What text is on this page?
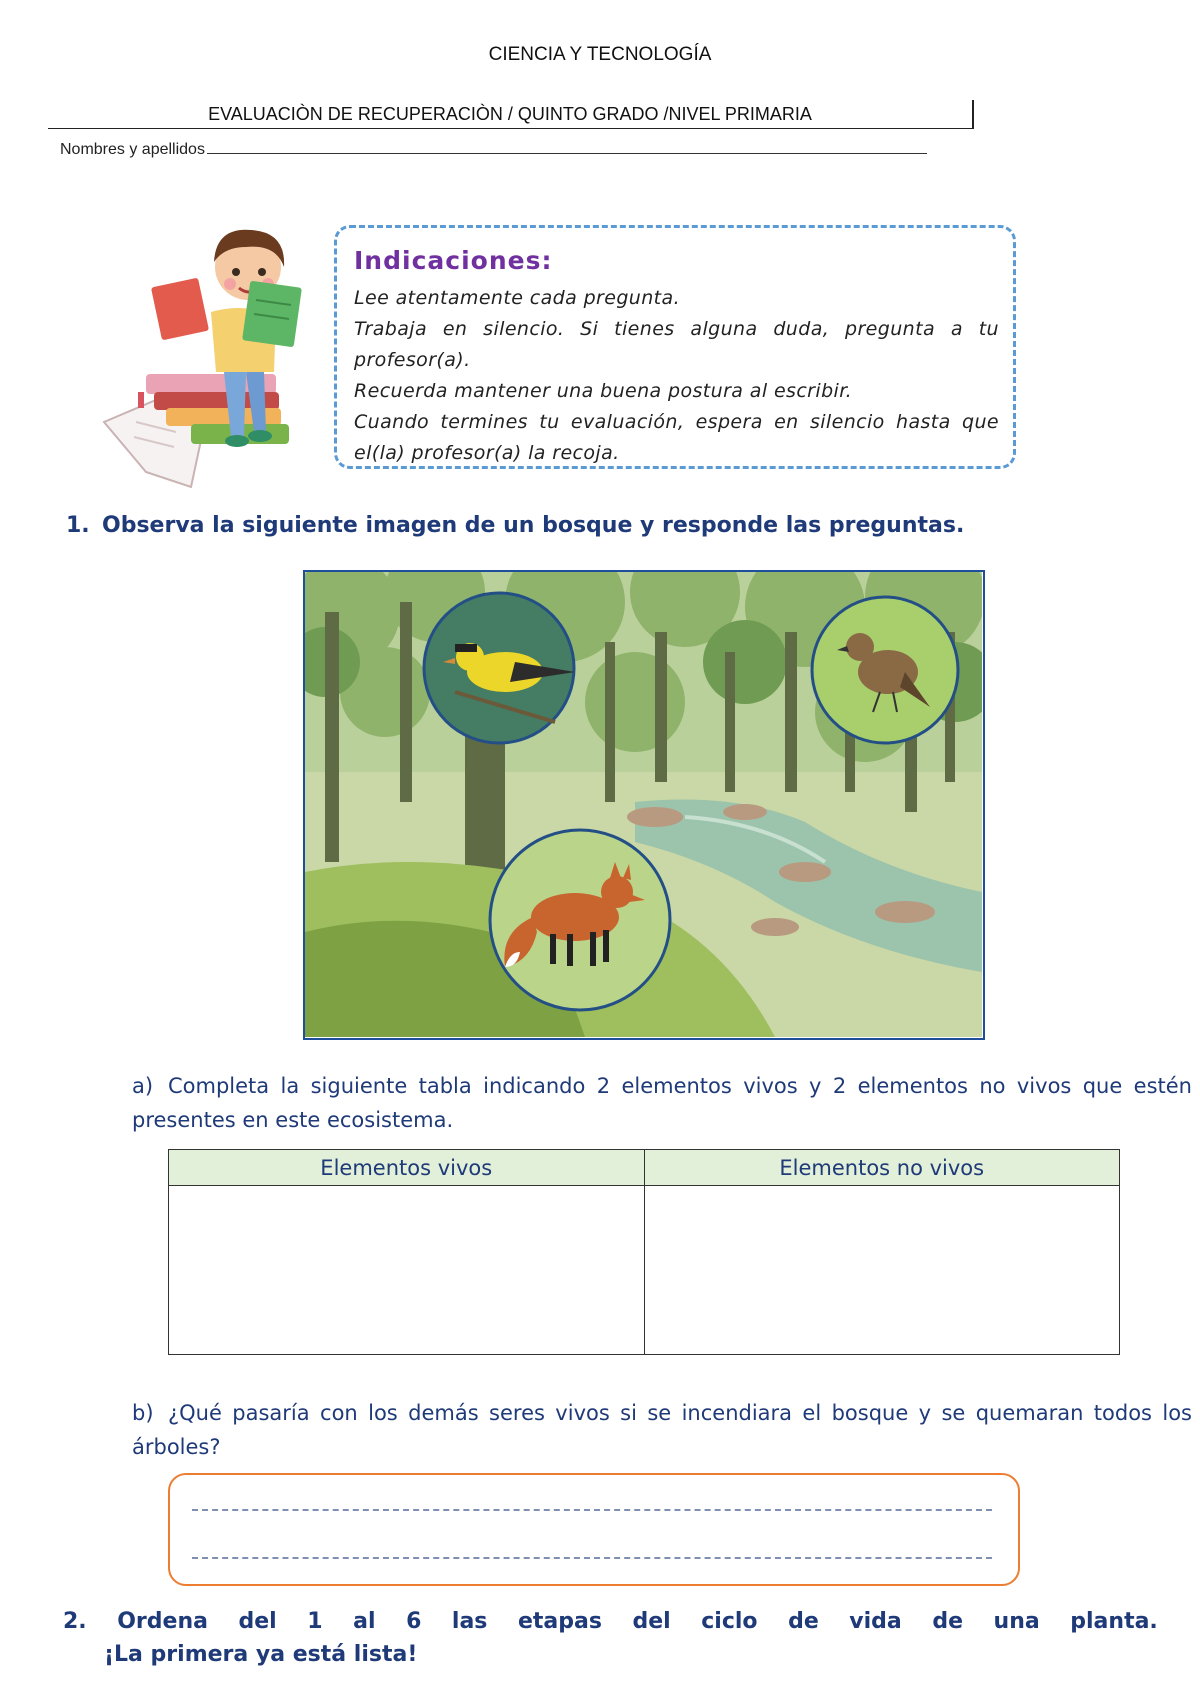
CIENCIA Y TECNOLOGÍA
EVALUACIÒN DE RECUPERACIÒN / QUINTO GRADO /NIVEL PRIMARIA
Nombres y apellidos
Indicaciones:

Lee atentamente cada pregunta.

Trabaja en silencio. Si tienes alguna duda, pregunta a tu profesor(a).

Recuerda mantener una buena postura al escribir.

Cuando termines tu evaluación, espera en silencio hasta que el(la) profesor(a) la recoja.

1. Observa la siguiente imagen de un bosque y responde las preguntas.
a) Completa la siguiente tabla indicando 2 elementos vivos y 2 elementos no vivos que estén presentes en este ecosistema.
Elementos vivos	Elementos no vivos

b) ¿Qué pasaría con los demás seres vivos si se incendiara el bosque y se quemaran todos los árboles?
2. Ordena del 1 al 6 las etapas del ciclo de vida de una planta.
¡La primera ya está lista!
